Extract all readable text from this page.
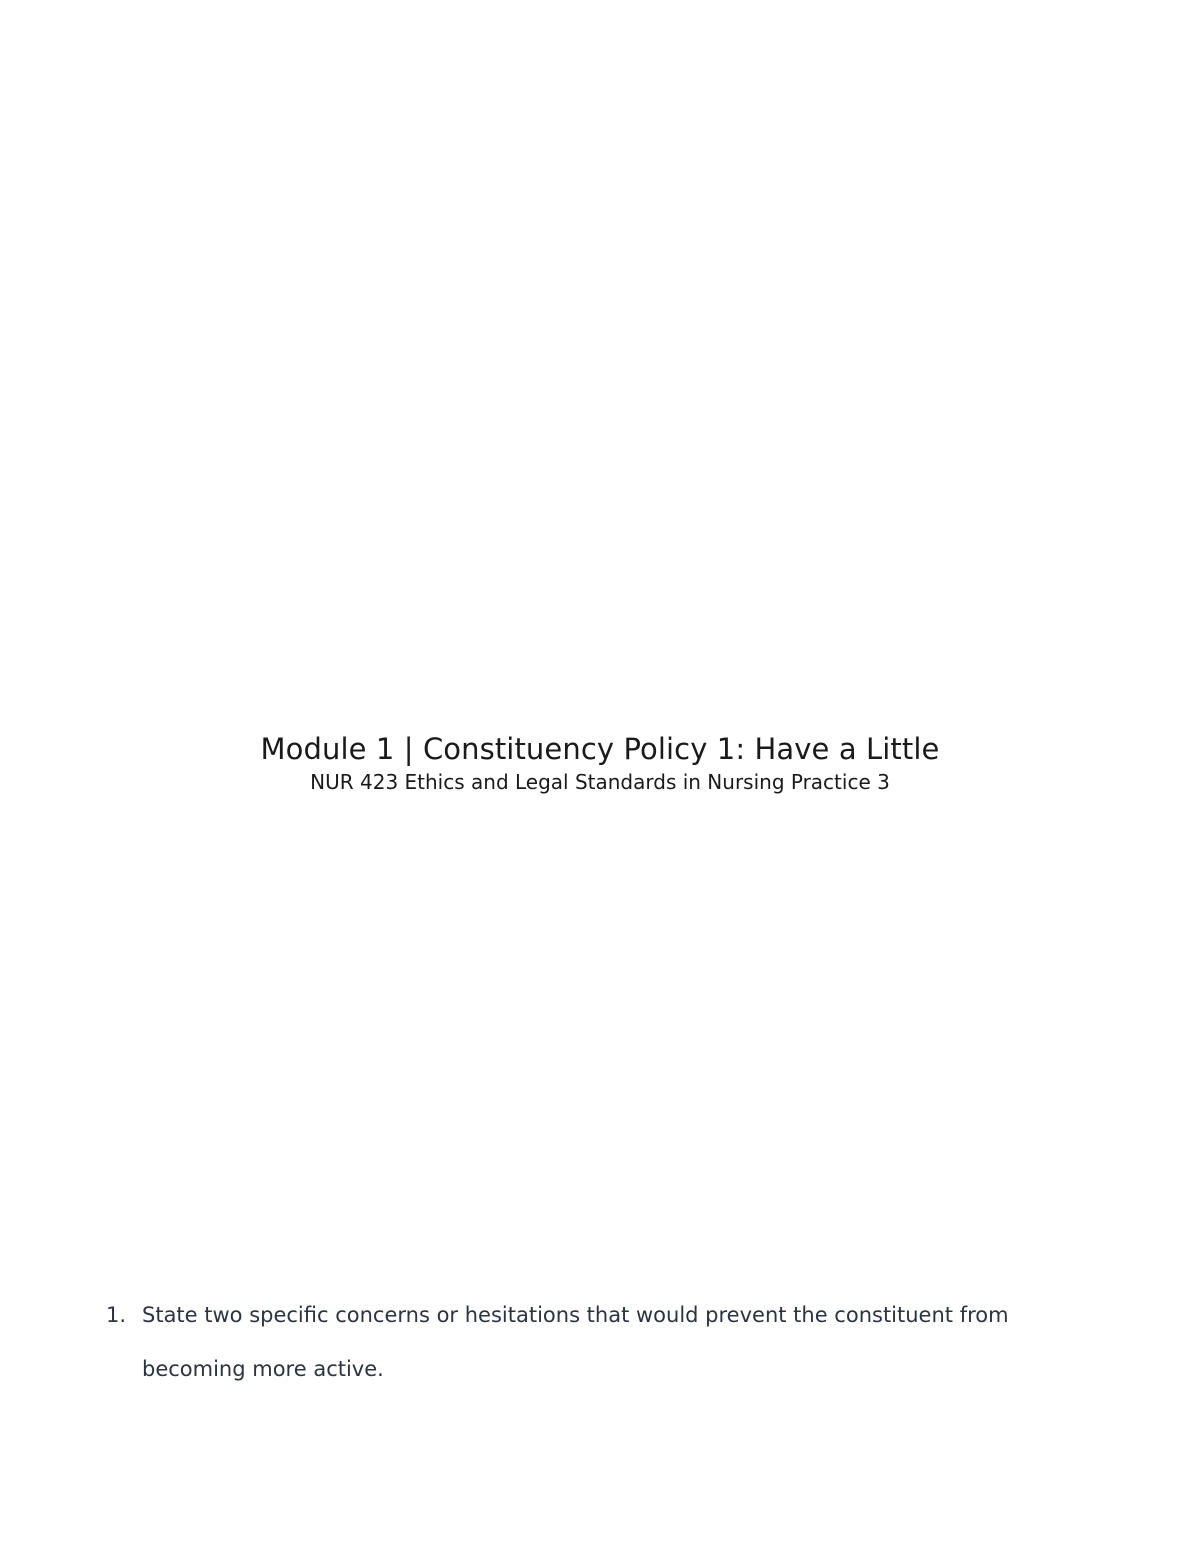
Module 1 | Constituency Policy 1: Have a Little
NUR 423 Ethics and Legal Standards in Nursing Practice 3
1. State two specific concerns or hesitations that would prevent the constituent from becoming more active.
